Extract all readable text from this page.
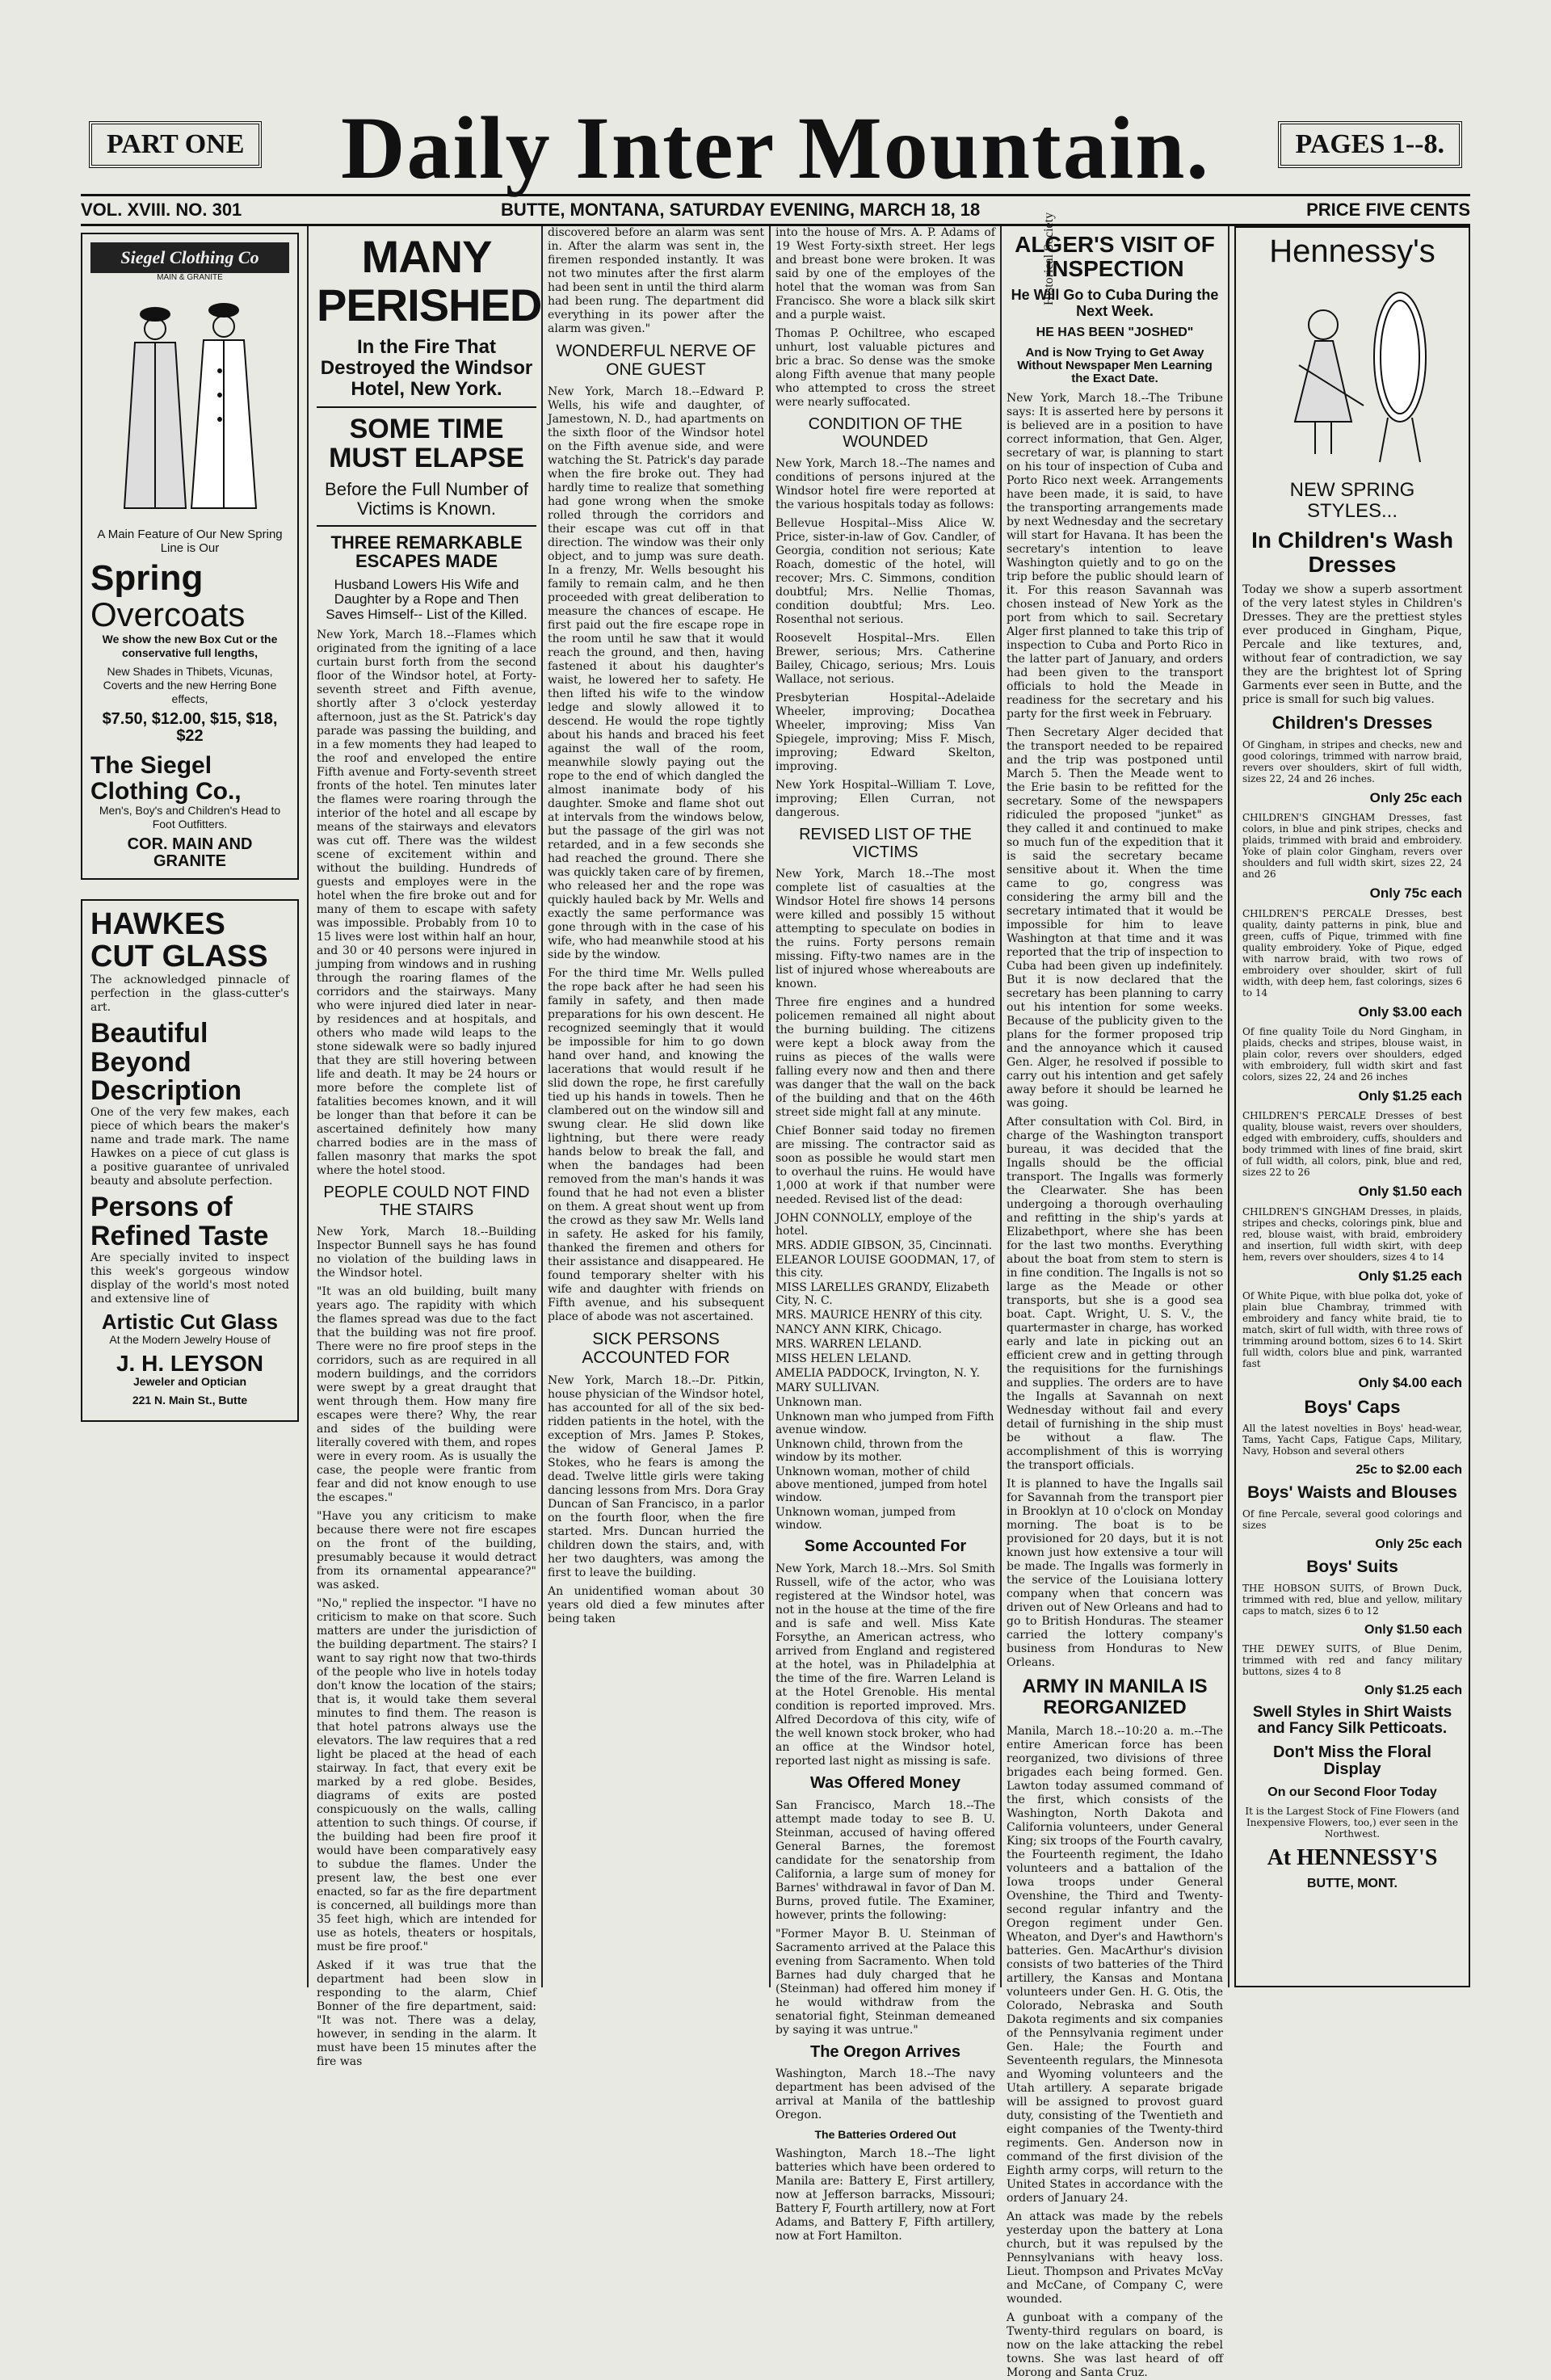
PART ONE	Daily Inter Mountain.	PAGES 1--8.
VOL. XVIII. NO. 301	BUTTE, MONTANA, SATURDAY EVENING, MARCH 18, 18	PRICE FIVE CENTS
Historical Society
Siegel Clothing Co
MAIN & GRANITE
A Main Feature of Our New Spring Line is Our
Spring
Overcoats
We show the new Box Cut or the conservative full lengths,
New Shades in Thibets, Vicunas, Coverts and the new Herring Bone effects,
$7.50, $12.00, $15, $18, $22
The Siegel
Clothing Co.,
Men's, Boy's and Children's Head to Foot Outfitters.
COR. MAIN AND GRANITE
HAWKES
CUT GLASS

The acknowledged pinnacle of perfection in the glass-cutter's art.

Beautiful Beyond Description

One of the very few makes, each piece of which bears the maker's name and trade mark. The name Hawkes on a piece of cut glass is a positive guarantee of unrivaled beauty and absolute perfection.

Persons of Refined Taste

Are specially invited to inspect this week's gorgeous window display of the world's most noted and extensive line of

Artistic Cut Glass
At the Modern Jewelry House of
J. H. LEYSON
Jeweler and Optician
221 N. Main St., Butte
MANY PERISHED
In the Fire That Destroyed the Windsor Hotel, New York.
SOME TIME MUST ELAPSE
Before the Full Number of Victims is Known.
THREE REMARKABLE ESCAPES MADE
Husband Lowers His Wife and Daughter by a Rope and Then Saves Himself-- List of the Killed.

New York, March 18.--Flames which originated from the igniting of a lace curtain burst forth from the second floor of the Windsor hotel, at Forty-seventh street and Fifth avenue, shortly after 3 o'clock yesterday afternoon, just as the St. Patrick's day parade was passing the building, and in a few moments they had leaped to the roof and enveloped the entire Fifth avenue and Forty-seventh street fronts of the hotel. Ten minutes later the flames were roaring through the interior of the hotel and all escape by means of the stairways and elevators was cut off. There was the wildest scene of excitement within and without the building. Hundreds of guests and employes were in the hotel when the fire broke out and for many of them to escape with safety was impossible. Probably from 10 to 15 lives were lost within half an hour, and 30 or 40 persons were injured in jumping from windows and in rushing through the roaring flames of the corridors and the stairways. Many who were injured died later in near-by residences and at hospitals, and others who made wild leaps to the stone sidewalk were so badly injured that they are still hovering between life and death. It may be 24 hours or more before the complete list of fatalities becomes known, and it will be longer than that before it can be ascertained definitely how many charred bodies are in the mass of fallen masonry that marks the spot where the hotel stood.

PEOPLE COULD NOT FIND THE STAIRS

New York, March 18.--Building Inspector Bunnell says he has found no violation of the building laws in the Windsor hotel.

"It was an old building, built many years ago. The rapidity with which the flames spread was due to the fact that the building was not fire proof. There were no fire proof steps in the corridors, such as are required in all modern buildings, and the corridors were swept by a great draught that went through them. How many fire escapes were there? Why, the rear and sides of the building were literally covered with them, and ropes were in every room. As is usually the case, the people were frantic from fear and did not know enough to use the escapes."

"Have you any criticism to make because there were not fire escapes on the front of the building, presumably because it would detract from its ornamental appearance?" was asked.

"No," replied the inspector. "I have no criticism to make on that score. Such matters are under the jurisdiction of the building department. The stairs? I want to say right now that two-thirds of the people who live in hotels today don't know the location of the stairs; that is, it would take them several minutes to find them. The reason is that hotel patrons always use the elevators. The law requires that a red light be placed at the head of each stairway. In fact, that every exit be marked by a red globe. Besides, diagrams of exits are posted conspicuously on the walls, calling attention to such things. Of course, if the building had been fire proof it would have been comparatively easy to subdue the flames. Under the present law, the best one ever enacted, so far as the fire department is concerned, all buildings more than 35 feet high, which are intended for use as hotels, theaters or hospitals, must be fire proof."

Asked if it was true that the department had been slow in responding to the alarm, Chief Bonner of the fire department, said: "It was not. There was a delay, however, in sending in the alarm. It must have been 15 minutes after the fire was

discovered before an alarm was sent in. After the alarm was sent in, the firemen responded instantly. It was not two minutes after the first alarm had been sent in until the third alarm had been rung. The department did everything in its power after the alarm was given."

WONDERFUL NERVE OF ONE GUEST

New York, March 18.--Edward P. Wells, his wife and daughter, of Jamestown, N. D., had apartments on the sixth floor of the Windsor hotel on the Fifth avenue side, and were watching the St. Patrick's day parade when the fire broke out. They had hardly time to realize that something had gone wrong when the smoke rolled through the corridors and their escape was cut off in that direction. The window was their only object, and to jump was sure death. In a frenzy, Mr. Wells besought his family to remain calm, and he then proceeded with great deliberation to measure the chances of escape. He first paid out the fire escape rope in the room until he saw that it would reach the ground, and then, having fastened it about his daughter's waist, he lowered her to safety. He then lifted his wife to the window ledge and slowly allowed it to descend. He would the rope tightly about his hands and braced his feet against the wall of the room, meanwhile slowly paying out the rope to the end of which dangled the almost inanimate body of his daughter. Smoke and flame shot out at intervals from the windows below, but the passage of the girl was not retarded, and in a few seconds she had reached the ground. There she was quickly taken care of by firemen, who released her and the rope was quickly hauled back by Mr. Wells and exactly the same performance was gone through with in the case of his wife, who had meanwhile stood at his side by the window.

For the third time Mr. Wells pulled the rope back after he had seen his family in safety, and then made preparations for his own descent. He recognized seemingly that it would be impossible for him to go down hand over hand, and knowing the lacerations that would result if he slid down the rope, he first carefully tied up his hands in towels. Then he clambered out on the window sill and swung clear. He slid down like lightning, but there were ready hands below to break the fall, and when the bandages had been removed from the man's hands it was found that he had not even a blister on them. A great shout went up from the crowd as they saw Mr. Wells land in safety. He asked for his family, thanked the firemen and others for their assistance and disappeared. He found temporary shelter with his wife and daughter with friends on Fifth avenue, and his subsequent place of abode was not ascertained.

SICK PERSONS ACCOUNTED FOR

New York, March 18.--Dr. Pitkin, house physician of the Windsor hotel, has accounted for all of the six bed-ridden patients in the hotel, with the exception of Mrs. James P. Stokes, the widow of General James P. Stokes, who he fears is among the dead. Twelve little girls were taking dancing lessons from Mrs. Dora Gray Duncan of San Francisco, in a parlor on the fourth floor, when the fire started. Mrs. Duncan hurried the children down the stairs, and, with her two daughters, was among the first to leave the building.

An unidentified woman about 30 years old died a few minutes after being taken

into the house of Mrs. A. P. Adams of 19 West Forty-sixth street. Her legs and breast bone were broken. It was said by one of the employes of the hotel that the woman was from San Francisco. She wore a black silk skirt and a purple waist.

Thomas P. Ochiltree, who escaped unhurt, lost valuable pictures and bric a brac. So dense was the smoke along Fifth avenue that many people who attempted to cross the street were nearly suffocated.

CONDITION OF THE WOUNDED

New York, March 18.--The names and conditions of persons injured at the Windsor hotel fire were reported at the various hospitals today as follows:

Bellevue Hospital--Miss Alice W. Price, sister-in-law of Gov. Candler, of Georgia, condition not serious; Kate Roach, domestic of the hotel, will recover; Mrs. C. Simmons, condition doubtful; Mrs. Nellie Thomas, condition doubtful; Mrs. Leo. Rosenthal not serious.

Roosevelt Hospital--Mrs. Ellen Brewer, serious; Mrs. Catherine Bailey, Chicago, serious; Mrs. Louis Wallace, not serious.

Presbyterian Hospital--Adelaide Wheeler, improving; Docathea Wheeler, improving; Miss Van Spiegele, improving; Miss F. Misch, improving; Edward Skelton, improving.

New York Hospital--William T. Love, improving; Ellen Curran, not dangerous.

REVISED LIST OF THE VICTIMS

New York, March 18.--The most complete list of casualties at the Windsor Hotel fire shows 14 persons were killed and possibly 15 without attempting to speculate on bodies in the ruins. Forty persons remain missing. Fifty-two names are in the list of injured whose whereabouts are known.

Three fire engines and a hundred policemen remained all night about the burning building. The citizens were kept a block away from the ruins as pieces of the walls were falling every now and then and there was danger that the wall on the back of the building and that on the 46th street side might fall at any minute.

Chief Bonner said today no firemen are missing. The contractor said as soon as possible he would start men to overhaul the ruins. He would have 1,000 at work if that number were needed. Revised list of the dead:

JOHN CONNOLLY, employe of the hotel.
MRS. ADDIE GIBSON, 35, Cincinnati.
ELEANOR LOUISE GOODMAN, 17, of this city.
MISS LARELLES GRANDY, Elizabeth City, N. C.
MRS. MAURICE HENRY of this city.
NANCY ANN KIRK, Chicago.
MRS. WARREN LELAND.
MISS HELEN LELAND.
AMELIA PADDOCK, Irvington, N. Y.
MARY SULLIVAN.
Unknown man.
Unknown man who jumped from Fifth avenue window.
Unknown child, thrown from the window by its mother.
Unknown woman, mother of child above mentioned, jumped from hotel window.
Unknown woman, jumped from window.
Some Accounted For

New York, March 18.--Mrs. Sol Smith Russell, wife of the actor, who was registered at the Windsor hotel, was not in the house at the time of the fire and is safe and well. Miss Kate Forsythe, an American actress, who arrived from England and registered at the hotel, was in Philadelphia at the time of the fire. Warren Leland is at the Hotel Grenoble. His mental condition is reported improved. Mrs. Alfred Decordova of this city, wife of the well known stock broker, who had an office at the Windsor hotel, reported last night as missing is safe.

Was Offered Money

San Francisco, March 18.--The attempt made today to see B. U. Steinman, accused of having offered General Barnes, the foremost candidate for the senatorship from California, a large sum of money for Barnes' withdrawal in favor of Dan M. Burns, proved futile. The Examiner, however, prints the following:

"Former Mayor B. U. Steinman of Sacramento arrived at the Palace this evening from Sacramento. When told Barnes had duly charged that he (Steinman) had offered him money if he would withdraw from the senatorial fight, Steinman demeaned by saying it was untrue."

The Oregon Arrives

Washington, March 18.--The navy department has been advised of the arrival at Manila of the battleship Oregon.

The Batteries Ordered Out

Washington, March 18.--The light batteries which have been ordered to Manila are: Battery E, First artillery, now at Jefferson barracks, Missouri; Battery F, Fourth artillery, now at Fort Adams, and Battery F, Fifth artillery, now at Fort Hamilton.

ALGER'S VISIT OF INSPECTION
He Will Go to Cuba During the Next Week.
HE HAS BEEN "JOSHED"
And is Now Trying to Get Away Without Newspaper Men Learning the Exact Date.

New York, March 18.--The Tribune says: It is asserted here by persons it is believed are in a position to have correct information, that Gen. Alger, secretary of war, is planning to start on his tour of inspection of Cuba and Porto Rico next week. Arrangements have been made, it is said, to have the transporting arrangements made by next Wednesday and the secretary will start for Havana. It has been the secretary's intention to leave Washington quietly and to go on the trip before the public should learn of it. For this reason Savannah was chosen instead of New York as the port from which to sail. Secretary Alger first planned to take this trip of inspection to Cuba and Porto Rico in the latter part of January, and orders had been given to the transport officials to hold the Meade in readiness for the secretary and his party for the first week in February.

Then Secretary Alger decided that the transport needed to be repaired and the trip was postponed until March 5. Then the Meade went to the Erie basin to be refitted for the secretary. Some of the newspapers ridiculed the proposed "junket" as they called it and continued to make so much fun of the expedition that it is said the secretary became sensitive about it. When the time came to go, congress was considering the army bill and the secretary intimated that it would be impossible for him to leave Washington at that time and it was reported that the trip of inspection to Cuba had been given up indefinitely. But it is now declared that the secretary has been planning to carry out his intention for some weeks. Because of the publicity given to the plans for the former proposed trip and the annoyance which it caused Gen. Alger, he resolved if possible to carry out his intention and get safely away before it should be learned he was going.

After consultation with Col. Bird, in charge of the Washington transport bureau, it was decided that the Ingalls should be the official transport. The Ingalls was formerly the Clearwater. She has been undergoing a thorough overhauling and refitting in the ship's yards at Elizabethport, where she has been for the last two months. Everything about the boat from stem to stern is in fine condition. The Ingalls is not so large as the Meade or other transports, but she is a good sea boat. Capt. Wright, U. S. V., the quartermaster in charge, has worked early and late in picking out an efficient crew and in getting through the requisitions for the furnishings and supplies. The orders are to have the Ingalls at Savannah on next Wednesday without fail and every detail of furnishing in the ship must be without a flaw. The accomplishment of this is worrying the transport officials.

It is planned to have the Ingalls sail for Savannah from the transport pier in Brooklyn at 10 o'clock on Monday morning. The boat is to be provisioned for 20 days, but it is not known just how extensive a tour will be made. The Ingalls was formerly in the service of the Louisiana lottery company when that concern was driven out of New Orleans and had to go to British Honduras. The steamer carried the lottery company's business from Honduras to New Orleans.

ARMY IN MANILA IS REORGANIZED

Manila, March 18.--10:20 a. m.--The entire American force has been reorganized, two divisions of three brigades each being formed. Gen. Lawton today assumed command of the first, which consists of the Washington, North Dakota and California volunteers, under General King; six troops of the Fourth cavalry, the Fourteenth regiment, the Idaho volunteers and a battalion of the Iowa troops under General Ovenshine, the Third and Twenty-second regular infantry and the Oregon regiment under Gen. Wheaton, and Dyer's and Hawthorn's batteries. Gen. MacArthur's division consists of two batteries of the Third artillery, the Kansas and Montana volunteers under Gen. H. G. Otis, the Colorado, Nebraska and South Dakota regiments and six companies of the Pennsylvania regiment under Gen. Hale; the Fourth and Seventeenth regulars, the Minnesota and Wyoming volunteers and the Utah artillery. A separate brigade will be assigned to provost guard duty, consisting of the Twentieth and eight companies of the Twenty-third regiments. Gen. Anderson now in command of the first division of the Eighth army corps, will return to the United States in accordance with the orders of January 24.

An attack was made by the rebels yesterday upon the battery at Lona church, but it was repulsed by the Pennsylvanians with heavy loss. Lieut. Thompson and Privates McVay and McCane, of Company C, were wounded.

A gunboat with a company of the Twenty-third regulars on board, is now on the lake attacking the rebel towns. She was last heard of off Morong and Santa Cruz.

Hennessy's
NEW SPRING STYLES...
In Children's Wash Dresses

Today we show a superb assortment of the very latest styles in Children's Dresses. They are the prettiest styles ever produced in Gingham, Pique, Percale and like textures, and, without fear of contradiction, we say they are the brightest lot of Spring Garments ever seen in Butte, and the price is small for such big values.

Children's Dresses

Of Gingham, in stripes and checks, new and good colorings, trimmed with narrow braid, revers over shoulders, skirt of full width, sizes 22, 24 and 26 inches.

Only 25c each

CHILDREN'S GINGHAM Dresses, fast colors, in blue and pink stripes, checks and plaids, trimmed with braid and embroidery. Yoke of plain color Gingham, revers over shoulders and full width skirt, sizes 22, 24 and 26

Only 75c each

CHILDREN'S PERCALE Dresses, best quality, dainty patterns in pink, blue and green, cuffs of Pique, trimmed with fine quality embroidery. Yoke of Pique, edged with narrow braid, with two rows of embroidery over shoulder, skirt of full width, with deep hem, fast colorings, sizes 6 to 14

Only $3.00 each

Of fine quality Toile du Nord Gingham, in plaids, checks and stripes, blouse waist, in plain color, revers over shoulders, edged with embroidery, full width skirt and fast colors, sizes 22, 24 and 26 inches

Only $1.25 each

CHILDREN'S PERCALE Dresses of best quality, blouse waist, revers over shoulders, edged with embroidery, cuffs, shoulders and body trimmed with lines of fine braid, skirt of full width, all colors, pink, blue and red, sizes 22 to 26

Only $1.50 each

CHILDREN'S GINGHAM Dresses, in plaids, stripes and checks, colorings pink, blue and red, blouse waist, with braid, embroidery and insertion, full width skirt, with deep hem, revers over shoulders, sizes 4 to 14

Only $1.25 each

Of White Pique, with blue polka dot, yoke of plain blue Chambray, trimmed with embroidery and fancy white braid, tie to match, skirt of full width, with three rows of trimming around bottom, sizes 6 to 14. Skirt full width, colors blue and pink, warranted fast

Only $4.00 each
Boys' Caps

All the latest novelties in Boys' head-wear, Tams, Yacht Caps, Fatigue Caps, Military, Navy, Hobson and several others

25c to $2.00 each
Boys' Waists and Blouses

Of fine Percale, several good colorings and sizes

Only 25c each
Boys' Suits

THE HOBSON SUITS, of Brown Duck, trimmed with red, blue and yellow, military caps to match, sizes 6 to 12

Only $1.50 each

THE DEWEY SUITS, of Blue Denim, trimmed with red and fancy military buttons, sizes 4 to 8

Only $1.25 each
Swell Styles in Shirt Waists and Fancy Silk Petticoats.
Don't Miss the Floral Display
On our Second Floor Today

It is the Largest Stock of Fine Flowers (and Inexpensive Flowers, too,) ever seen in the Northwest.

At HENNESSY'S
BUTTE, MONT.
